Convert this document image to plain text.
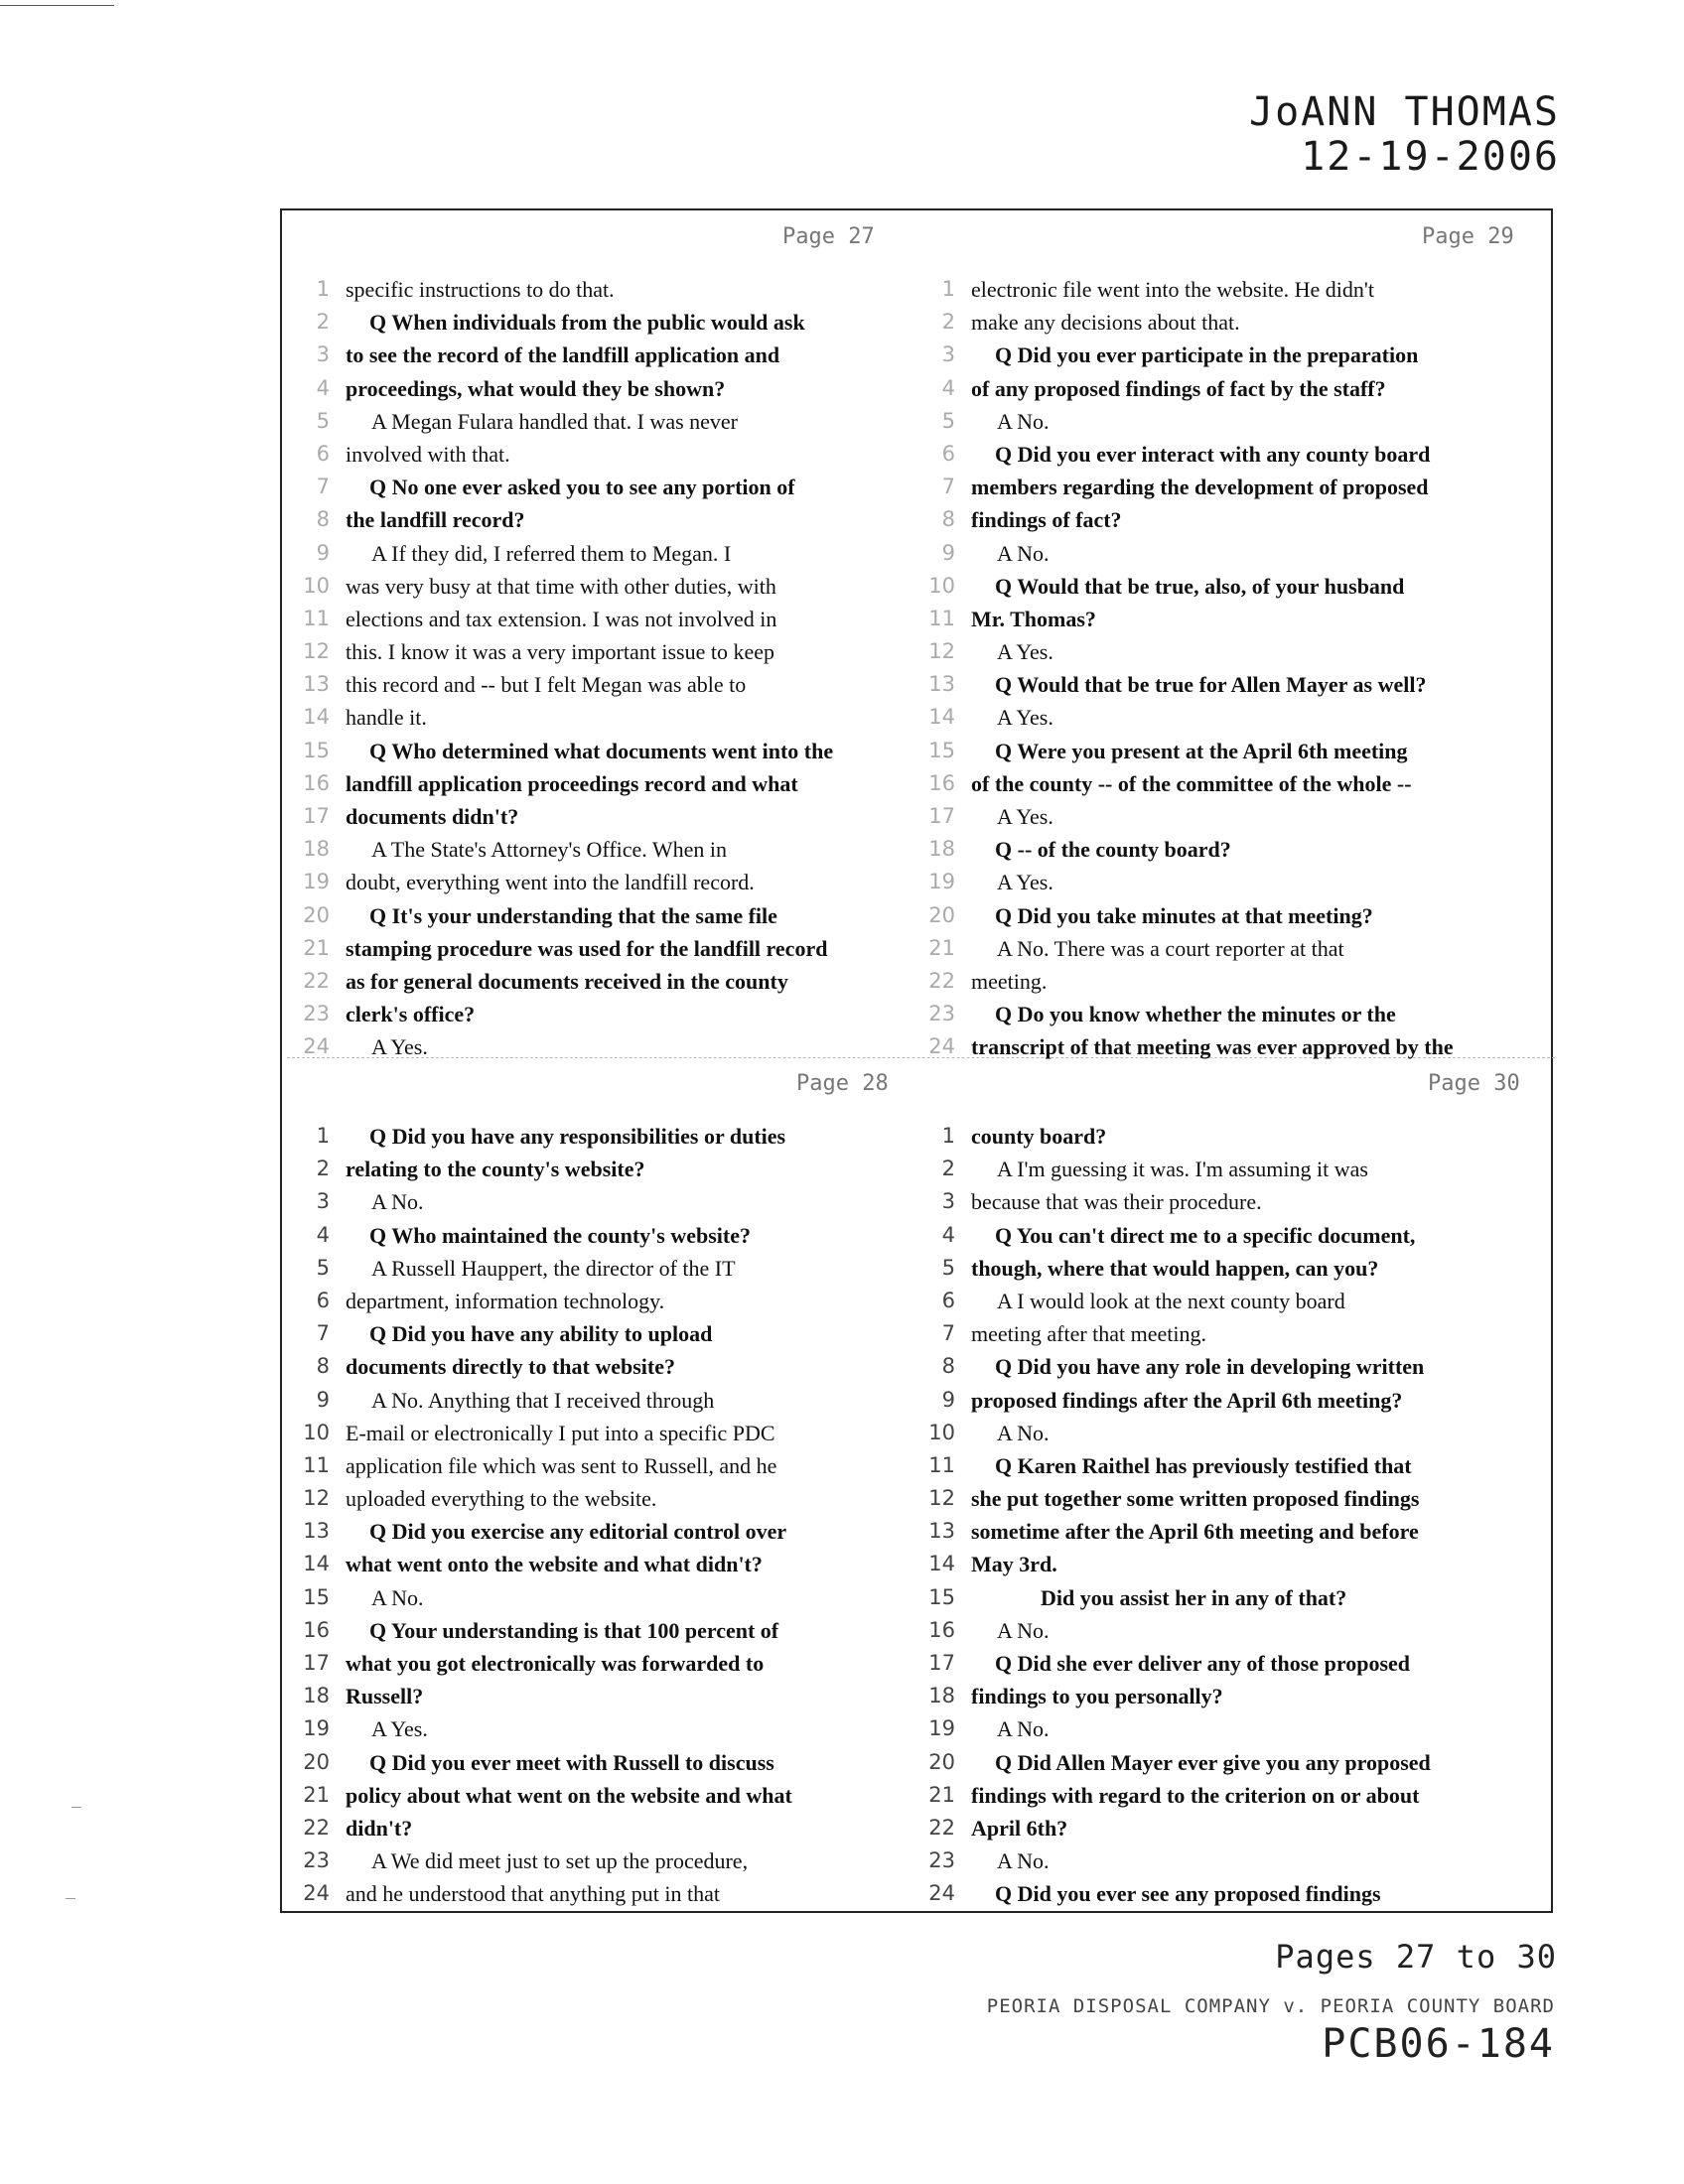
JoANN THOMAS
12-19-2006
Page 27
1 specific instructions to do that.
2 Q When individuals from the public would ask
3 to see the record of the landfill application and
4 proceedings, what would they be shown?
5 A Megan Fulara handled that. I was never
6 involved with that.
7 Q No one ever asked you to see any portion of
8 the landfill record?
9 A If they did, I referred them to Megan. I
10 was very busy at that time with other duties, with
11 elections and tax extension. I was not involved in
12 this. I know it was a very important issue to keep
13 this record and -- but I felt Megan was able to
14 handle it.
15 Q Who determined what documents went into the
16 landfill application proceedings record and what
17 documents didn't?
18 A The State's Attorney's Office. When in
19 doubt, everything went into the landfill record.
20 Q It's your understanding that the same file
21 stamping procedure was used for the landfill record
22 as for general documents received in the county
23 clerk's office?
24 A Yes.
Page 29
1 electronic file went into the website. He didn't
2 make any decisions about that.
3 Q Did you ever participate in the preparation
4 of any proposed findings of fact by the staff?
5 A No.
6 Q Did you ever interact with any county board
7 members regarding the development of proposed
8 findings of fact?
9 A No.
10 Q Would that be true, also, of your husband
11 Mr. Thomas?
12 A Yes.
13 Q Would that be true for Allen Mayer as well?
14 A Yes.
15 Q Were you present at the April 6th meeting
16 of the county -- of the committee of the whole --
17 A Yes.
18 Q -- of the county board?
19 A Yes.
20 Q Did you take minutes at that meeting?
21 A No. There was a court reporter at that
22 meeting.
23 Q Do you know whether the minutes or the
24 transcript of that meeting was ever approved by the
Page 28
1 Q Did you have any responsibilities or duties
2 relating to the county's website?
3 A No.
4 Q Who maintained the county's website?
5 A Russell Hauppert, the director of the IT
6 department, information technology.
7 Q Did you have any ability to upload
8 documents directly to that website?
9 A No. Anything that I received through
10 E-mail or electronically I put into a specific PDC
11 application file which was sent to Russell, and he
12 uploaded everything to the website.
13 Q Did you exercise any editorial control over
14 what went onto the website and what didn't?
15 A No.
16 Q Your understanding is that 100 percent of
17 what you got electronically was forwarded to
18 Russell?
19 A Yes.
20 Q Did you ever meet with Russell to discuss
21 policy about what went on the website and what
22 didn't?
23 A We did meet just to set up the procedure,
24 and he understood that anything put in that
Page 30
1 county board?
2 A I'm guessing it was. I'm assuming it was
3 because that was their procedure.
4 Q You can't direct me to a specific document,
5 though, where that would happen, can you?
6 A I would look at the next county board
7 meeting after that meeting.
8 Q Did you have any role in developing written
9 proposed findings after the April 6th meeting?
10 A No.
11 Q Karen Raithel has previously testified that
12 she put together some written proposed findings
13 sometime after the April 6th meeting and before
14 May 3rd.
15	Did you assist her in any of that?
16 A No.
17 Q Did she ever deliver any of those proposed
18 findings to you personally?
19 A No.
20 Q Did Allen Mayer ever give you any proposed
21 findings with regard to the criterion on or about
22 April 6th?
23 A No.
24 Q Did you ever see any proposed findings
Pages 27 to 30
PEORIA DISPOSAL COMPANY v. PEORIA COUNTY BOARD
PCB06-184
